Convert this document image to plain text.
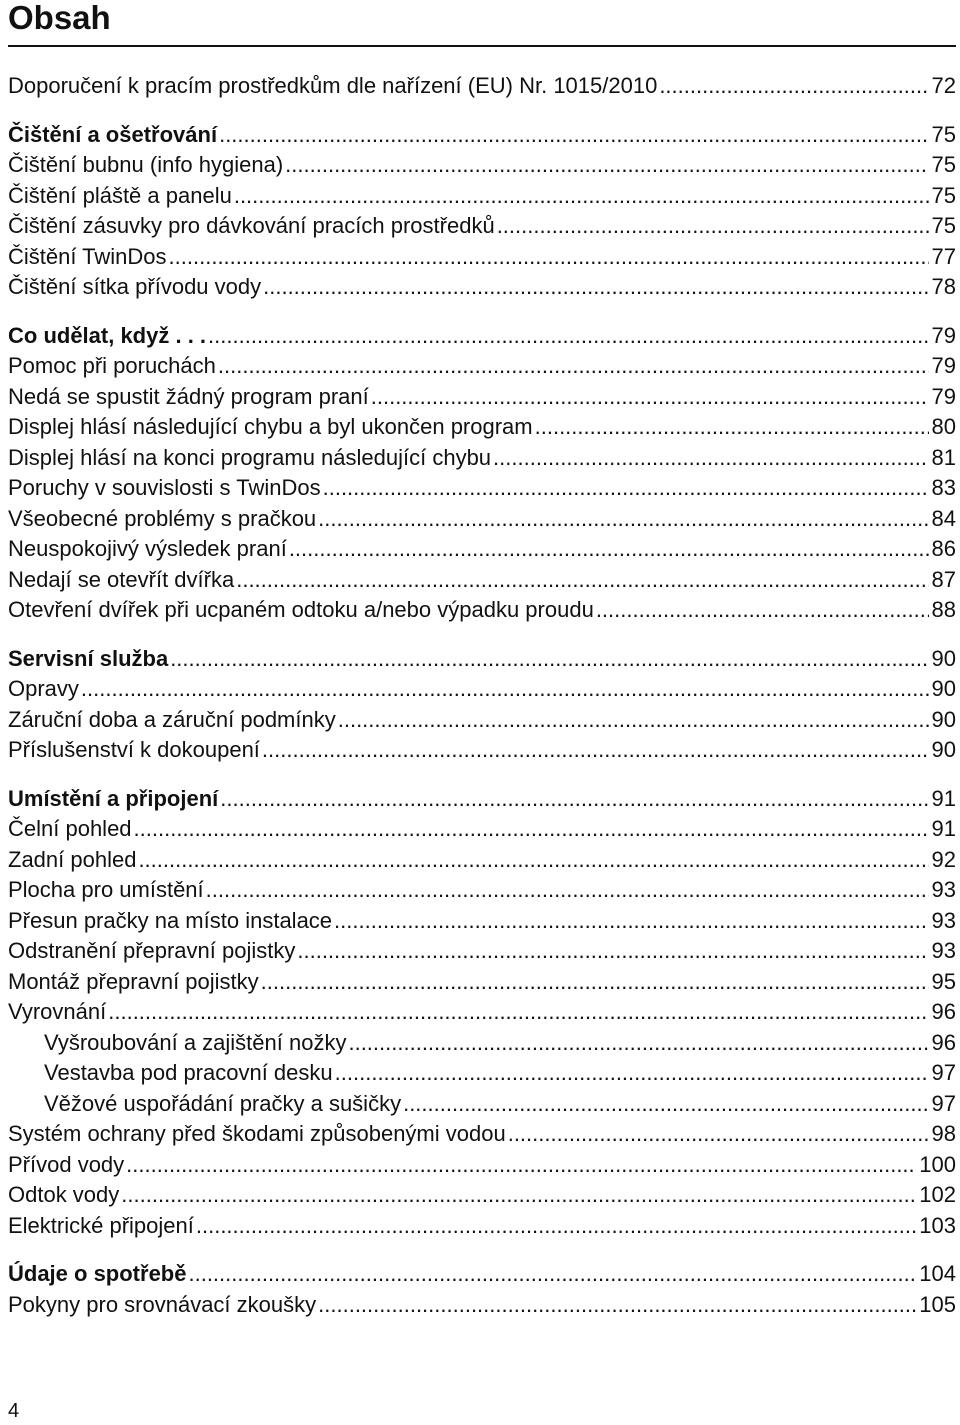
Obsah
Doporučení k pracím prostředkům dle nařízení (EU) Nr. 1015/2010 .....	72
Čištění a ošetřování .....	75
Čištění bubnu (info hygiena) .....	75
Čištění pláště a panelu .....	75
Čištění zásuvky pro dávkování pracích prostředků .....	75
Čištění TwinDos .....	77
Čištění sítka přívodu vody .....	78
Co udělat, když . . . .....	79
Pomoc při poruchách .....	79
Nedá se spustit žádný program praní .....	79
Displej hlásí následující chybu a byl ukončen program .....	80
Displej hlásí na konci programu následující chybu .....	81
Poruchy v souvislosti s TwinDos .....	83
Všeobecné problémy s pračkou .....	84
Neuspokojivý výsledek praní .....	86
Nedají se otevřít dvířka .....	87
Otevření dvířek při ucpaném odtoku a/nebo výpadku proudu .....	88
Servisní služba .....	90
Opravy .....	90
Záruční doba a záruční podmínky .....	90
Příslušenství k dokoupení .....	90
Umístění a připojení .....	91
Čelní pohled .....	91
Zadní pohled .....	92
Plocha pro umístění .....	93
Přesun pračky na místo instalace .....	93
Odstranění přepravní pojistky .....	93
Montáž přepravní pojistky .....	95
Vyrovnání .....	96
Vyšroubování a zajištění nožky .....	96
Vestavba pod pracovní desku .....	97
Věžové uspořádání pračky a sušičky .....	97
Systém ochrany před škodami způsobenými vodou .....	98
Přívod vody .....	100
Odtok vody .....	102
Elektrické připojení .....	103
Údaje o spotřebě .....	104
Pokyny pro srovnávací zkoušky .....	105
4
